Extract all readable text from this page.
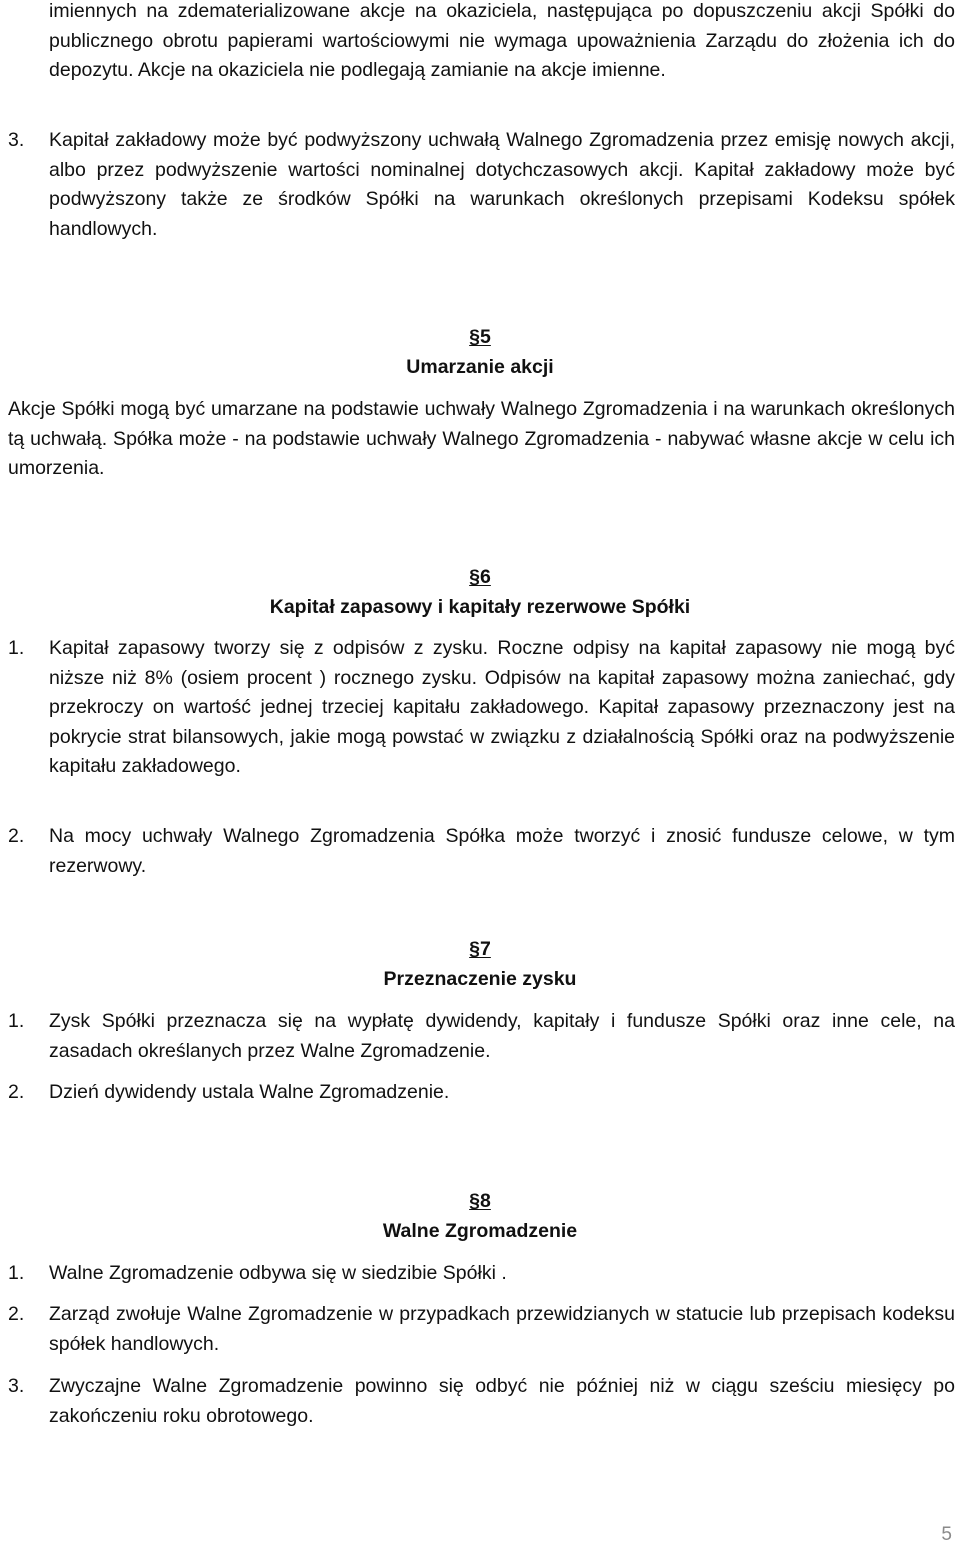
imiennych na zdematerializowane akcje na okaziciela, następująca po dopuszczeniu akcji Spółki do publicznego obrotu papierami wartościowymi nie wymaga upoważnienia Zarządu do złożenia ich do depozytu. Akcje na okaziciela nie podlegają zamianie na akcje imienne.

3.	Kapitał zakładowy może być podwyższony uchwałą Walnego Zgromadzenia przez emisję nowych akcji, albo przez podwyższenie wartości nominalnej dotychczasowych akcji. Kapitał zakładowy może być podwyższony także ze środków Spółki na warunkach określonych przepisami Kodeksu spółek handlowych.
§5
Umarzanie akcji

Akcje Spółki mogą być umarzane na podstawie uchwały Walnego Zgromadzenia i na warunkach określonych tą uchwałą. Spółka może - na podstawie uchwały Walnego Zgromadzenia - nabywać własne akcje w celu ich umorzenia.

§6
Kapitał zapasowy i kapitały rezerwowe Spółki
1.	Kapitał zapasowy tworzy się z odpisów z zysku. Roczne odpisy na kapitał zapasowy nie mogą być niższe niż 8% (osiem procent ) rocznego zysku. Odpisów na kapitał zapasowy można zaniechać, gdy przekroczy on wartość jednej trzeciej kapitału zakładowego. Kapitał zapasowy przeznaczony jest na pokrycie strat bilansowych, jakie mogą powstać w związku z działalnością Spółki oraz na podwyższenie kapitału zakładowego.
2.	Na mocy uchwały Walnego Zgromadzenia Spółka może tworzyć i znosić fundusze celowe, w tym rezerwowy.
§7
Przeznaczenie zysku
1.	Zysk Spółki przeznacza się na wypłatę dywidendy, kapitały i fundusze Spółki oraz inne cele, na zasadach określanych przez Walne Zgromadzenie.
2.	Dzień dywidendy ustala Walne Zgromadzenie.
§8
Walne Zgromadzenie
1.	Walne Zgromadzenie odbywa się w siedzibie Spółki .
2.	Zarząd zwołuje Walne Zgromadzenie w przypadkach przewidzianych w statucie lub przepisach kodeksu spółek handlowych.
3.	Zwyczajne Walne Zgromadzenie powinno się odbyć nie później niż w ciągu sześciu miesięcy po zakończeniu roku obrotowego.
5
